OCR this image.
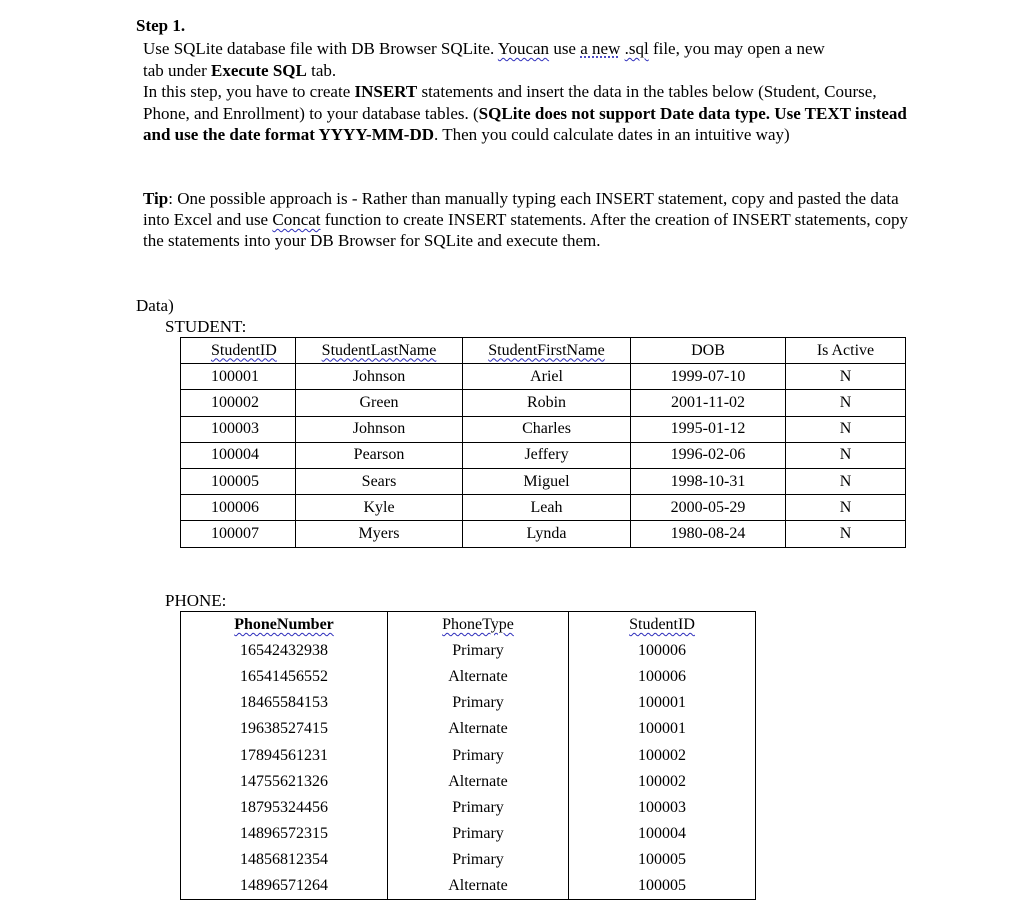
Step 1.

Use SQLite database file with DB Browser SQLite. Youcan use a new .sql file, you may open a new
tab under Execute SQL tab.

In this step, you have to create INSERT statements and insert the data in the tables below (Student, Course, Phone, and Enrollment) to your database tables. (SQLite does not support Date data type. Use TEXT instead and use the date format YYYY-MM-DD. Then you could calculate dates in an intuitive way)

Tip: One possible approach is - Rather than manually typing each INSERT statement, copy and pasted the data into Excel and use Concat function to create INSERT statements. After the creation of INSERT statements, copy the statements into your DB Browser for SQLite and execute them.

Data)
STUDENT:
StudentID	StudentLastName	StudentFirstName	DOB	Is Active
100001	Johnson	Ariel	1999-07-10	N
100002	Green	Robin	2001-11-02	N
100003	Johnson	Charles	1995-01-12	N
100004	Pearson	Jeffery	1996-02-06	N
100005	Sears	Miguel	1998-10-31	N
100006	Kyle	Leah	2000-05-29	N
100007	Myers	Lynda	1980-08-24	N
PHONE:
PhoneNumber	PhoneType	StudentID
16542432938	Primary	100006
16541456552	Alternate	100006
18465584153	Primary	100001
19638527415	Alternate	100001
17894561231	Primary	100002
14755621326	Alternate	100002
18795324456	Primary	100003
14896572315	Primary	100004
14856812354	Primary	100005
14896571264	Alternate	100005
